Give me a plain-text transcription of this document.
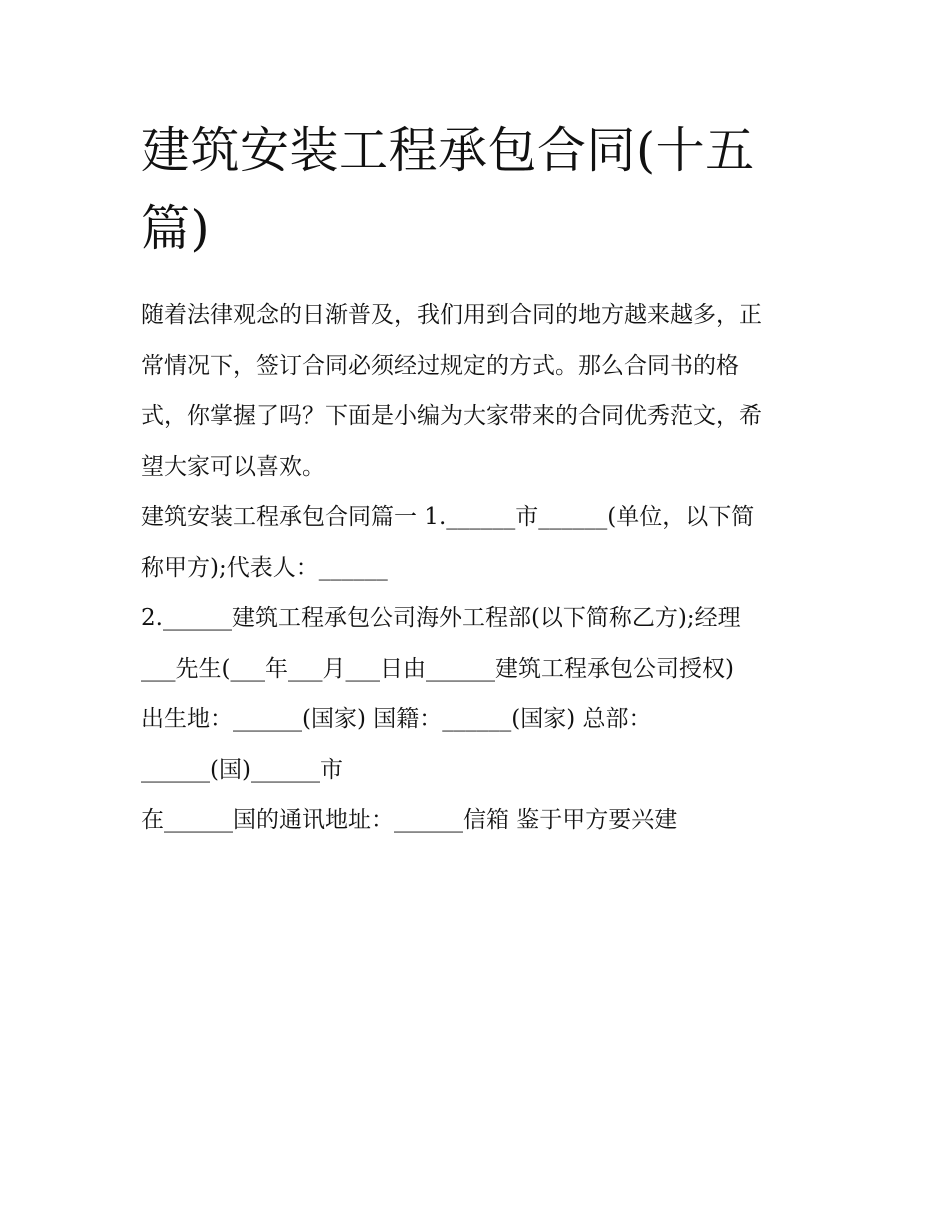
建筑安装工程承包合同(十五
篇)

随着法律观念的日渐普及，我们用到合同的地方越来越多，正
常情况下，签订合同必须经过规定的方式。那么合同书的格
式，你掌握了吗？下面是小编为大家带来的合同优秀范文，希
望大家可以喜欢。

建筑安装工程承包合同篇一 1.______市______(单位，以下简
称甲方);代表人：______

2.______建筑工程承包公司海外工程部(以下简称乙方);经理
___先生(___年___月___日由______建筑工程承包公司授权)
出生地：______(国家) 国籍：______(国家) 总部：
______(国)______市

在______国的通讯地址：______信箱 鉴于甲方要兴建
